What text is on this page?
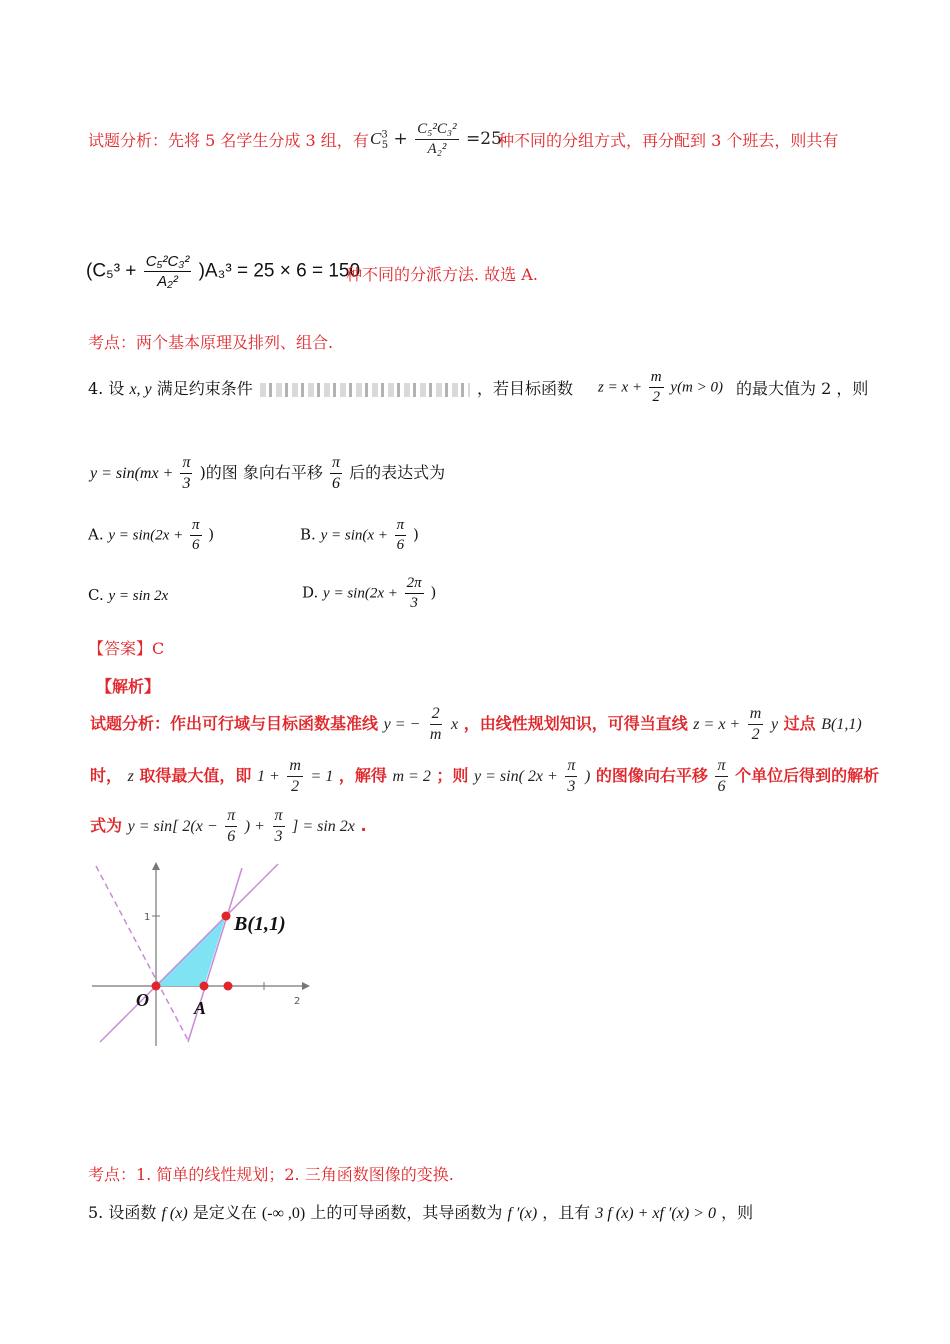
试题分析：先将 5 名学生分成 3 组，有 $C^3_5 + \frac{\text{C₅²C₃²}}{\text{A₂²}} =25$
种不同的分组方式，再分配到 3 个班去，则共有
$(C_5^3 + \frac{\text{C₅²C₃²}}{\text{A₂²}} )A_3^3 = 25 \times 6 = 150$
种不同的分派方法. 故选 A.
考点：两个基本原理及排列、组合.
4. 设 x, y 满足约束条件	，若目标函数 $z = x + \frac{m}{2} y(m > 0)$ 的最大值为 2 ，则
$y = \sin(mx + \frac{\pi}{3}$ )的图 象向右平移 $\frac{\pi}{6}$ 后的表达式为
A. $y = \sin(2x + \frac{\pi}{6}$ )	B. $y = \sin(x + \frac{\pi}{6}$ )
C. y = sin 2x	D. $y = \sin(2x + \frac{2\pi}{3}$ )
【答案】C
【解析】
试题分析：作出可行域与目标函数基准线 y = − $\frac{2}{m}$ x ，由线性规划知识，可得当直线 $z = x + \frac{m}{2}$ y 过点 B(1,1)
时， z 取得最大值，即 $1 + \frac{m}{2} = 1$ ，解得 m = 2 ；则 y = sin( $2x + \frac{\pi}{3}$ ) 的图像向右平移 $\frac{\pi}{6}$ 个单位后得到的解析
式为 y = sin[ $2(x - \frac{\pi}{6}$ ) + $\frac{\pi}{3}$ ] = sin 2x .
1
2
O	A
B(1,1)
考点：1. 简单的线性规划；2. 三角函数图像的变换.
5. 设函数 f (x) 是定义在 (-∞ ,0) 上的可导函数，其导函数为 f ′(x) ，且有 3 f (x) + xf ′(x) > 0 ，则
